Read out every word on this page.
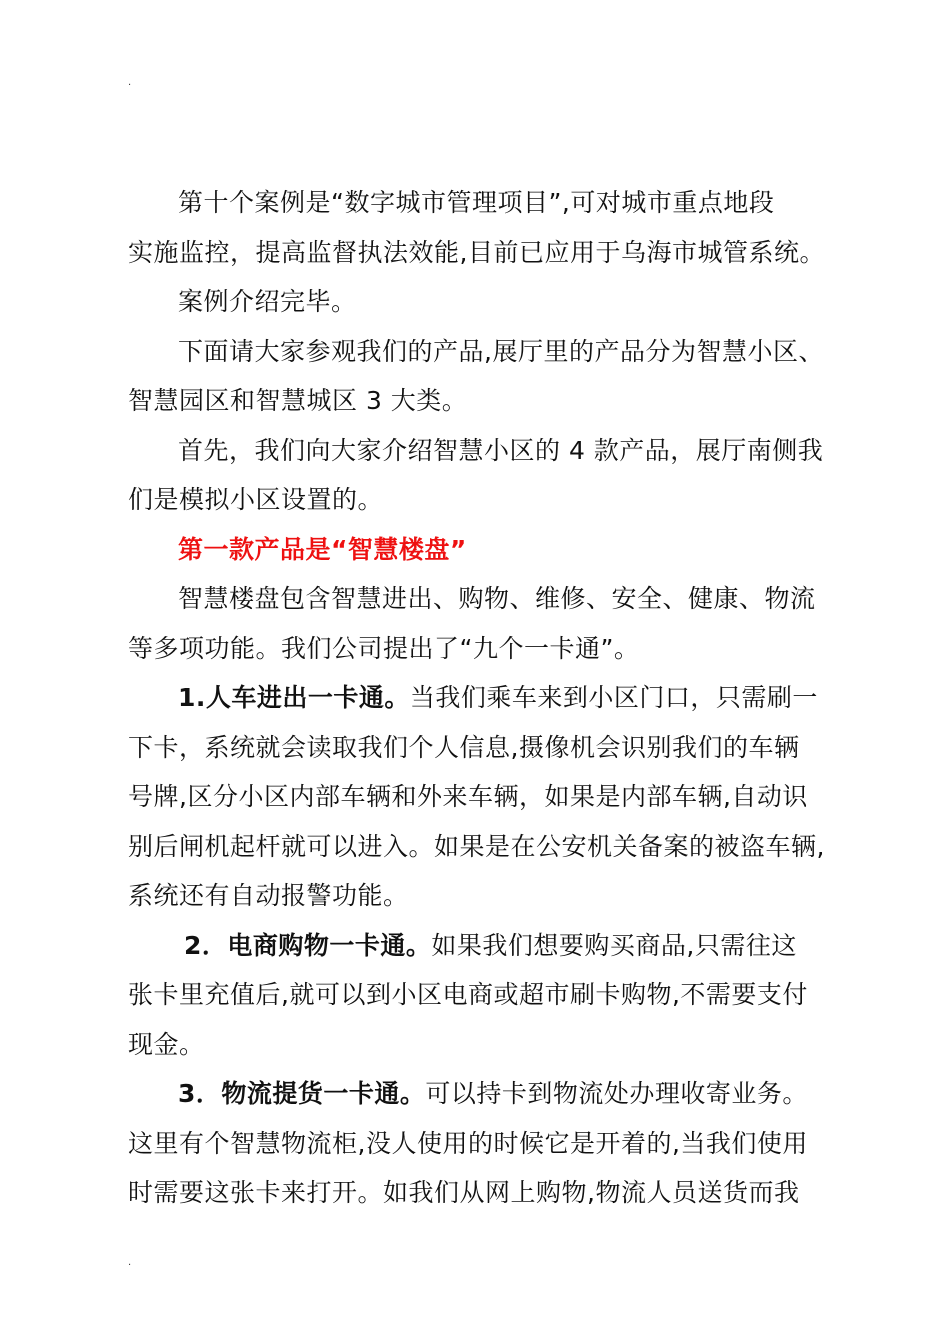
.
第十个案例是“数字城市管理项目”,可对城市重点地段
实施监控，提高监督执法效能,目前已应用于乌海市城管系统。
案例介绍完毕。
下面请大家参观我们的产品,展厅里的产品分为智慧小区、
智慧园区和智慧城区 3 大类。
首先，我们向大家介绍智慧小区的 4 款产品，展厅南侧我
们是模拟小区设置的。
第一款产品是“智慧楼盘”
智慧楼盘包含智慧进出、购物、维修、安全、健康、物流
等多项功能。我们公司提出了“九个一卡通”。
1.人车进出一卡通。当我们乘车来到小区门口，只需刷一
下卡，系统就会读取我们个人信息,摄像机会识别我们的车辆
号牌,区分小区内部车辆和外来车辆，如果是内部车辆,自动识
别后闸机起杆就可以进入。如果是在公安机关备案的被盗车辆,
系统还有自动报警功能。
2．电商购物一卡通。如果我们想要购买商品,只需往这
张卡里充值后,就可以到小区电商或超市刷卡购物,不需要支付
现金。
3．物流提货一卡通。可以持卡到物流处办理收寄业务。
这里有个智慧物流柜,没人使用的时候它是开着的,当我们使用
时需要这张卡来打开。如我们从网上购物,物流人员送货而我
.
